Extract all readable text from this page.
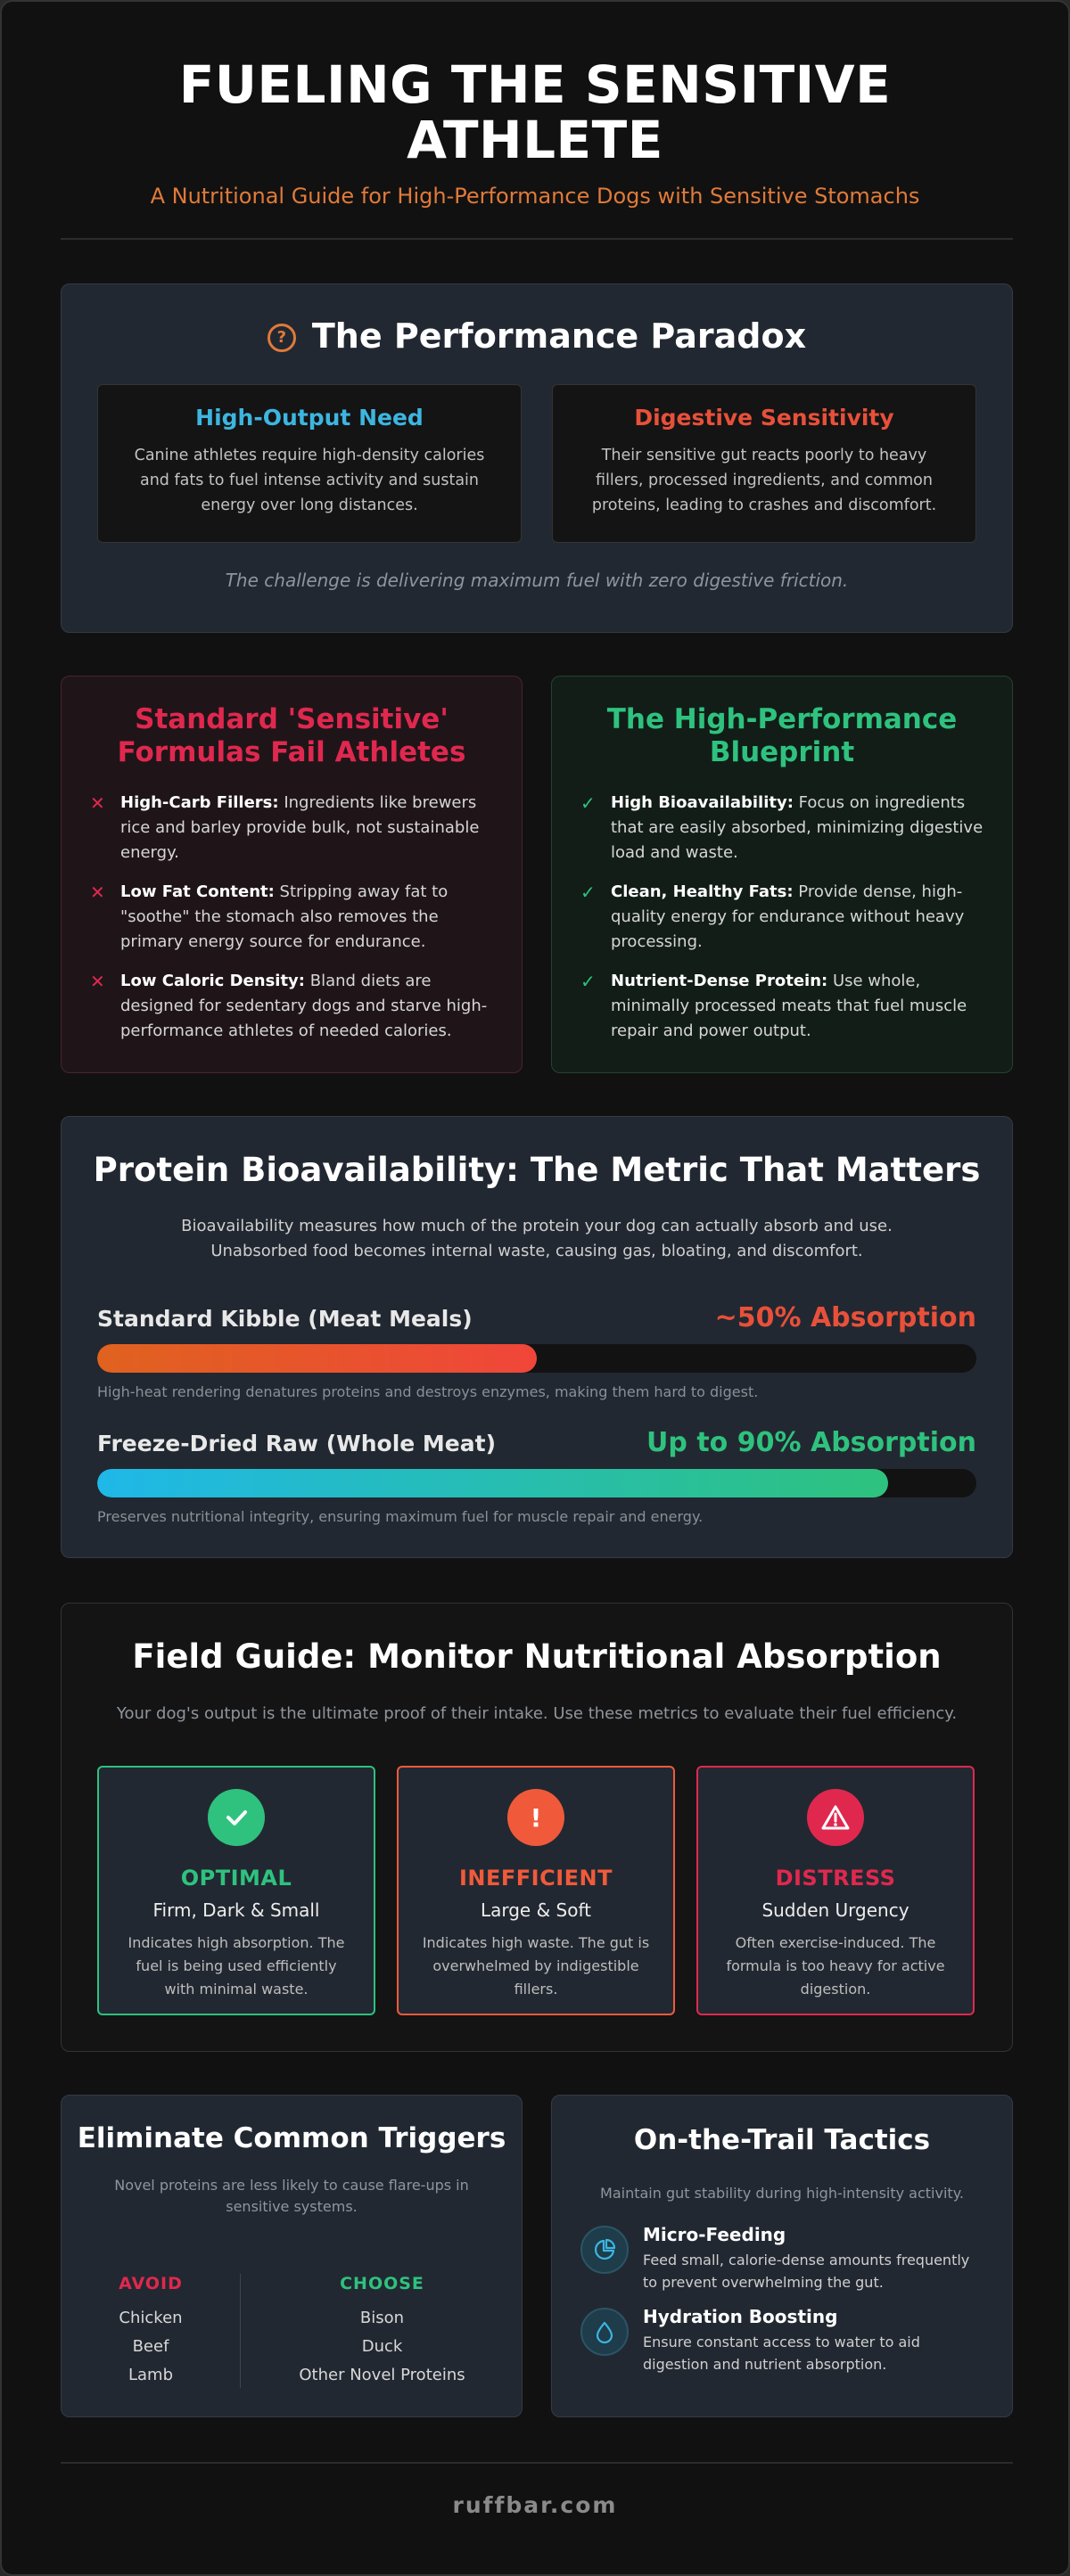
FUELING THE SENSITIVE ATHLETE
A Nutritional Guide for High-Performance Dogs with Sensitive Stomachs
? The Performance Paradox
High-Output Need

Canine athletes require high-density calories and fats to fuel intense activity and sustain energy over long distances.

Digestive Sensitivity

Their sensitive gut reacts poorly to heavy fillers, processed ingredients, and common proteins, leading to crashes and discomfort.

The challenge is delivering maximum fuel with zero digestive friction.
Standard 'Sensitive' Formulas Fail Athletes
✕ High-Carb Fillers: Ingredients like brewers rice and barley provide bulk, not sustainable energy.
✕ Low Fat Content: Stripping away fat to "soothe" the stomach also removes the primary energy source for endurance.
✕ Low Caloric Density: Bland diets are designed for sedentary dogs and starve high-performance athletes of needed calories.
The High-Performance Blueprint
✓ High Bioavailability: Focus on ingredients that are easily absorbed, minimizing digestive load and waste.
✓ Clean, Healthy Fats: Provide dense, high-quality energy for endurance without heavy processing.
✓ Nutrient-Dense Protein: Use whole, minimally processed meats that fuel muscle repair and power output.
Protein Bioavailability: The Metric That Matters

Bioavailability measures how much of the protein your dog can actually absorb and use. Unabsorbed food becomes internal waste, causing gas, bloating, and discomfort.

Standard Kibble (Meat Meals)	~50% Absorption
High-heat rendering denatures proteins and destroys enzymes, making them hard to digest.
Freeze-Dried Raw (Whole Meat)	Up to 90% Absorption
Preserves nutritional integrity, ensuring maximum fuel for muscle repair and energy.
Field Guide: Monitor Nutritional Absorption
Your dog's output is the ultimate proof of their intake. Use these metrics to evaluate their fuel efficiency.
OPTIMAL
Firm, Dark & Small

Indicates high absorption. The fuel is being used efficiently with minimal waste.

!
INEFFICIENT
Large & Soft

Indicates high waste. The gut is overwhelmed by indigestible fillers.

DISTRESS
Sudden Urgency

Often exercise-induced. The formula is too heavy for active digestion.

Eliminate Common Triggers

Novel proteins are less likely to cause flare-ups in sensitive systems.

AVOID
Chicken
Beef
Lamb
CHOOSE
Bison
Duck
Other Novel Proteins
On-the-Trail Tactics
Maintain gut stability during high-intensity activity.
Micro-Feeding

Feed small, calorie-dense amounts frequently to prevent overwhelming the gut.

Hydration Boosting

Ensure constant access to water to aid digestion and nutrient absorption.

ruffbar.com
